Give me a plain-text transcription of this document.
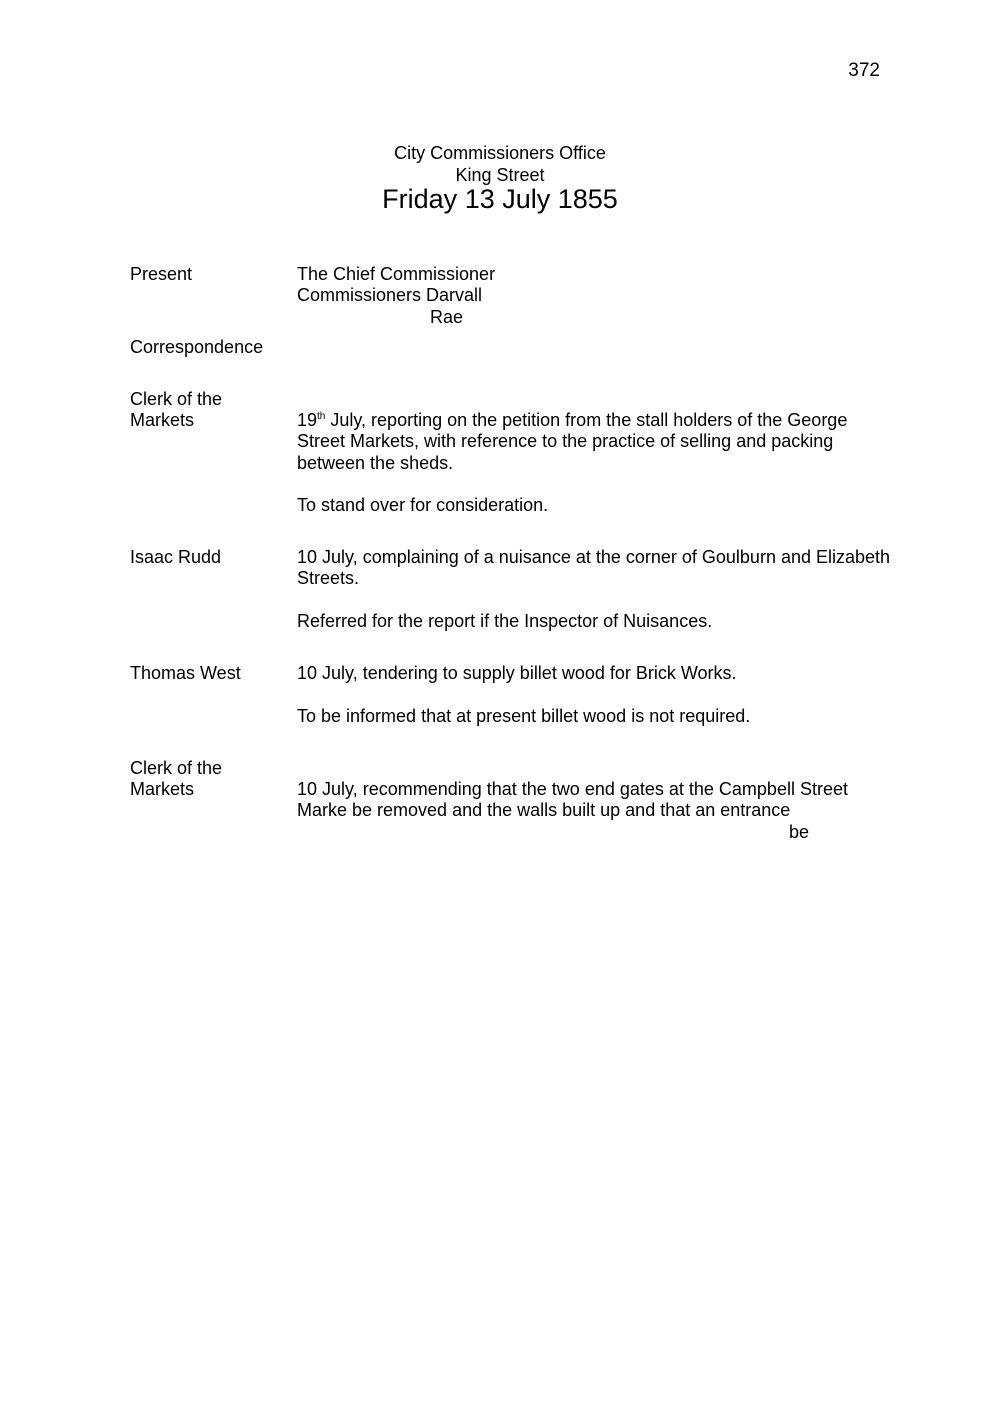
372
City Commissioners Office
King Street
Friday 13 July 1855
Present	The Chief Commissioner
Commissioners Darvall
Rae
Correspondence
Clerk of the
Markets	19th July, reporting on the petition from the stall holders of the George Street Markets, with reference to the practice of selling and packing between the sheds.
To stand over for consideration.
Isaac Rudd	10 July, complaining of a nuisance at the corner of Goulburn and Elizabeth Streets.
Referred for the report if the Inspector of Nuisances.
Thomas West	10 July, tendering to supply billet wood for Brick Works.
To be informed that at present billet wood is not required.
Clerk of the
Markets	10 July, recommending that the two end gates at the Campbell Street Marke be removed and the walls built up and that an entrance
be
